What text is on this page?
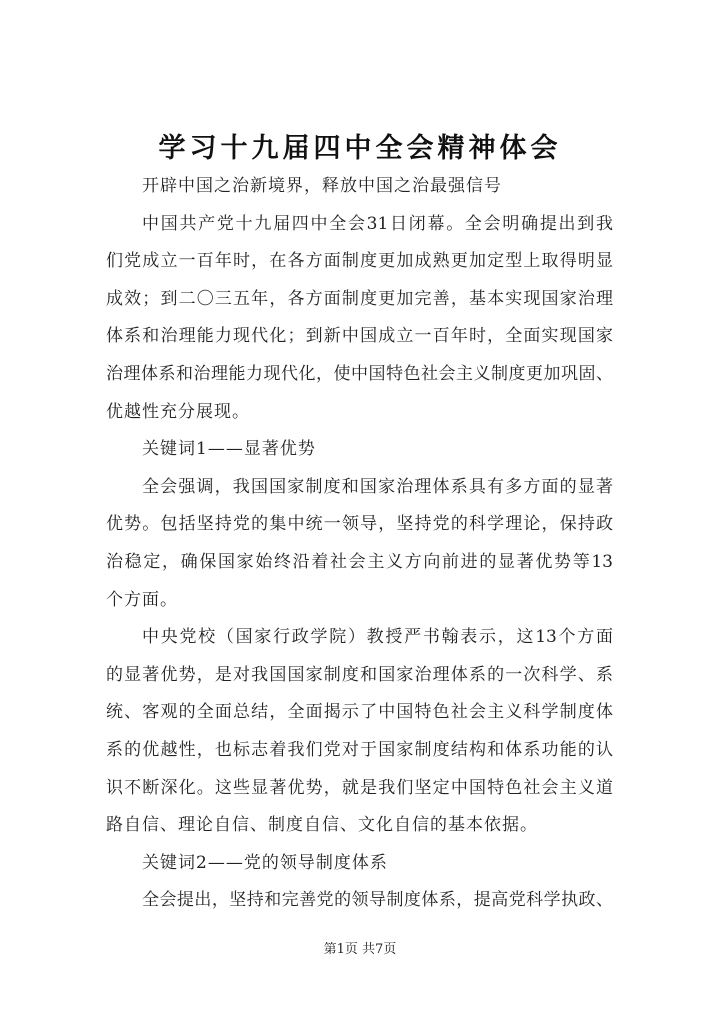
学习十九届四中全会精神体会
开辟中国之治新境界，释放中国之治最强信号
中国共产党十九届四中全会31日闭幕。全会明确提出到我
们党成立一百年时，在各方面制度更加成熟更加定型上取得明显
成效；到二〇三五年，各方面制度更加完善，基本实现国家治理
体系和治理能力现代化；到新中国成立一百年时，全面实现国家
治理体系和治理能力现代化，使中国特色社会主义制度更加巩固、
优越性充分展现。
关键词1——显著优势
全会强调，我国国家制度和国家治理体系具有多方面的显著
优势。包括坚持党的集中统一领导，坚持党的科学理论，保持政
治稳定，确保国家始终沿着社会主义方向前进的显著优势等13
个方面。
中央党校（国家行政学院）教授严书翰表示，这13个方面
的显著优势，是对我国国家制度和国家治理体系的一次科学、系
统、客观的全面总结，全面揭示了中国特色社会主义科学制度体
系的优越性，也标志着我们党对于国家制度结构和体系功能的认
识不断深化。这些显著优势，就是我们坚定中国特色社会主义道
路自信、理论自信、制度自信、文化自信的基本依据。
关键词2——党的领导制度体系
全会提出，坚持和完善党的领导制度体系，提高党科学执政、
第1页 共7页
